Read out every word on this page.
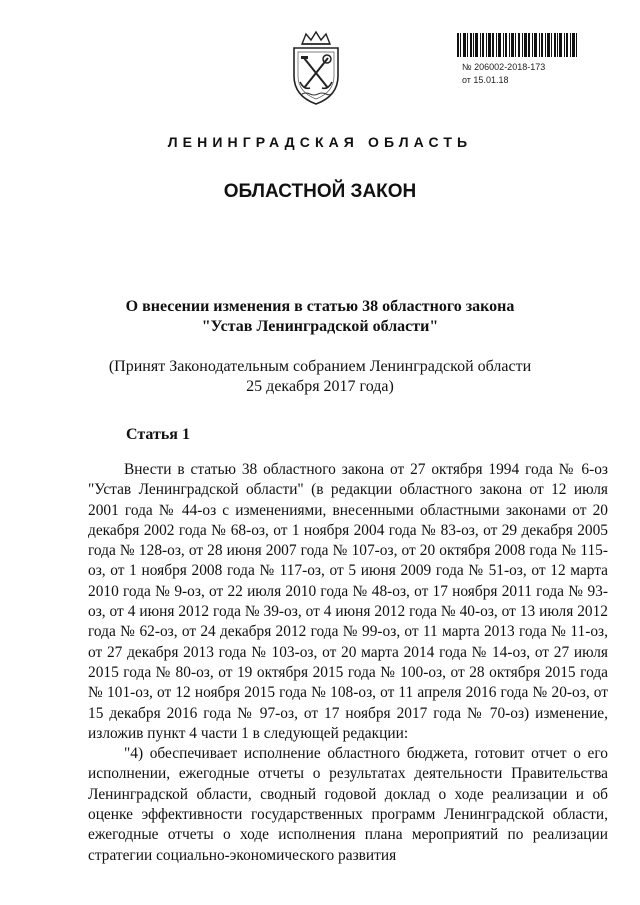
№ 206002-2018-173
от 15.01.18
ЛЕНИНГРАДСКАЯ ОБЛАСТЬ
ОБЛАСТНОЙ ЗАКОН
О внесении изменения в статью 38 областного закона
"Устав Ленинградской области"
(Принят Законодательным собранием Ленинградской области
25 декабря 2017 года)
Статья 1

Внести в статью 38 областного закона от 27 октября 1994 года № 6-оз "Устав Ленинградской области" (в редакции областного закона от 12 июля 2001 года № 44-оз с изменениями, внесенными областными законами от 20 декабря 2002 года № 68-оз, от 1 ноября 2004 года № 83-оз, от 29 декабря 2005 года № 128-оз, от 28 июня 2007 года № 107-оз, от 20 октября 2008 года № 115-оз, от 1 ноября 2008 года № 117-оз, от 5 июня 2009 года № 51-оз, от 12 марта 2010 года № 9-оз, от 22 июля 2010 года № 48-оз, от 17 ноября 2011 года № 93-оз, от 4 июня 2012 года № 39-оз, от 4 июня 2012 года № 40-оз, от 13 июля 2012 года № 62-оз, от 24 декабря 2012 года № 99-оз, от 11 марта 2013 года № 11-оз, от 27 декабря 2013 года № 103-оз, от 20 марта 2014 года № 14-оз, от 27 июля 2015 года № 80-оз, от 19 октября 2015 года № 100-оз, от 28 октября 2015 года № 101-оз, от 12 ноября 2015 года № 108-оз, от 11 апреля 2016 года № 20-оз, от 15 декабря 2016 года № 97-оз, от 17 ноября 2017 года № 70-оз) изменение, изложив пункт 4 части 1 в следующей редакции:

"4) обеспечивает исполнение областного бюджета, готовит отчет о его исполнении, ежегодные отчеты о результатах деятельности Правительства Ленинградской области, сводный годовой доклад о ходе реализации и об оценке эффективности государственных программ Ленинградской области, ежегодные отчеты о ходе исполнения плана мероприятий по реализации стратегии социально-экономического развития
